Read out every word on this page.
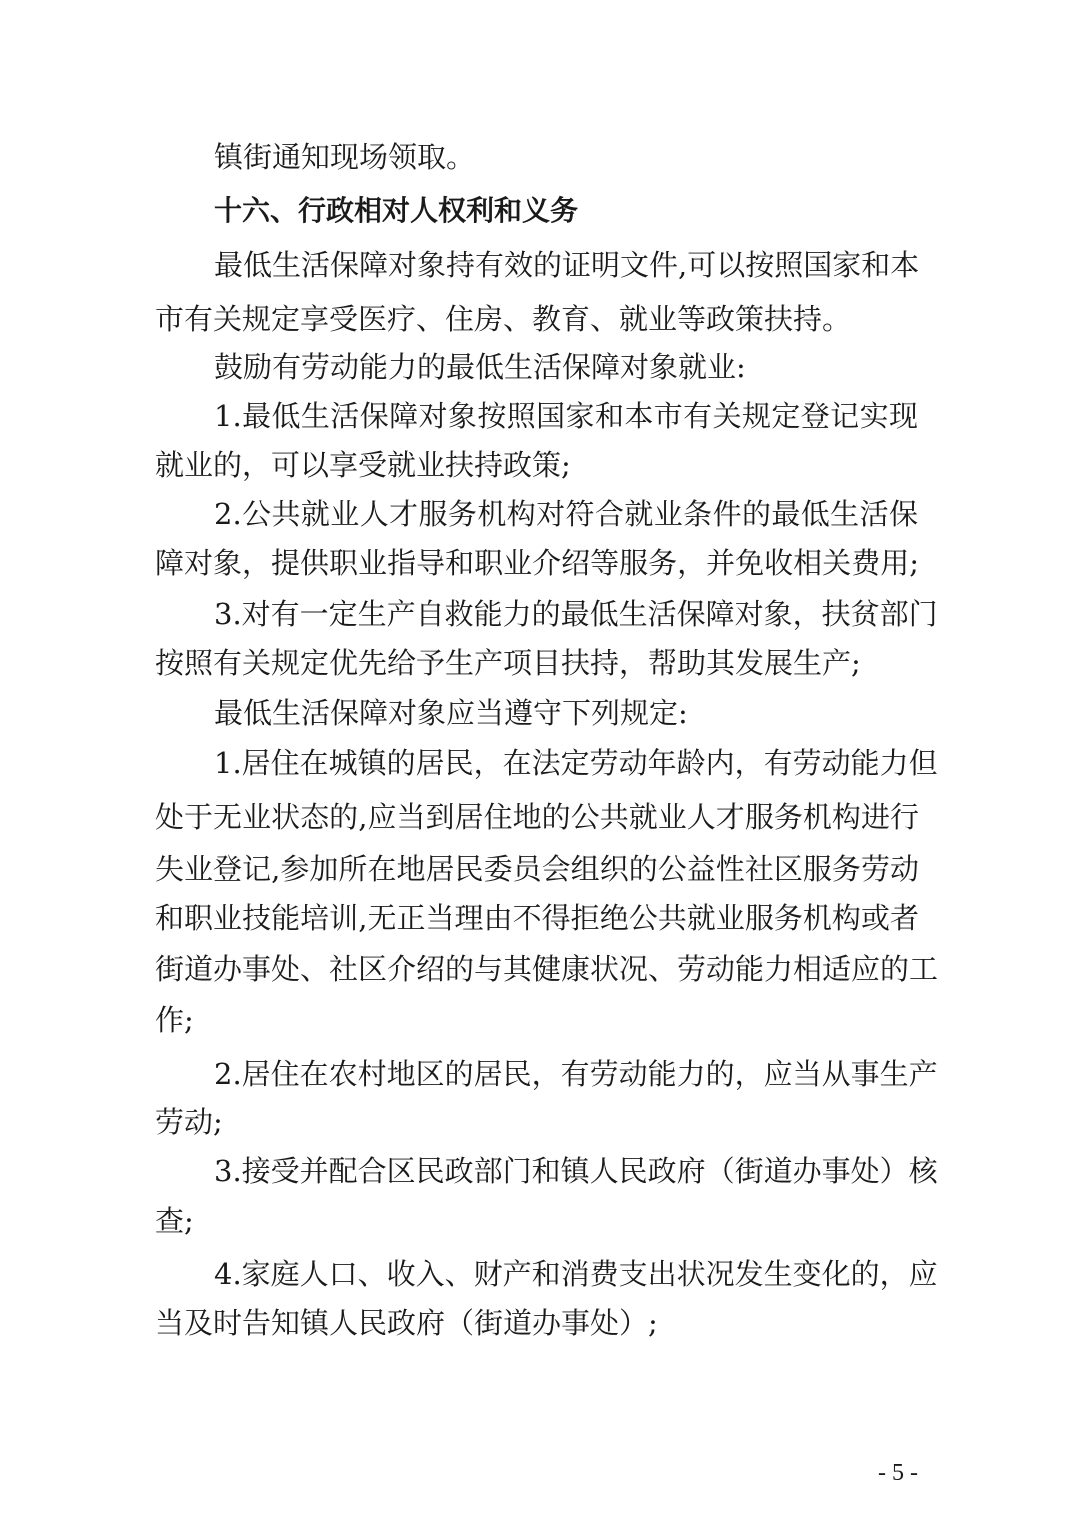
镇街通知现场领取。
十六、行政相对人权利和义务
最低生活保障对象持有效的证明文件,可以按照国家和本
市有关规定享受医疗、住房、教育、就业等政策扶持。
鼓励有劳动能力的最低生活保障对象就业:
1.最低生活保障对象按照国家和本市有关规定登记实现
就业的，可以享受就业扶持政策;
2.公共就业人才服务机构对符合就业条件的最低生活保
障对象，提供职业指导和职业介绍等服务，并免收相关费用;
3.对有一定生产自救能力的最低生活保障对象，扶贫部门
按照有关规定优先给予生产项目扶持，帮助其发展生产;
最低生活保障对象应当遵守下列规定:
1.居住在城镇的居民，在法定劳动年龄内，有劳动能力但
处于无业状态的,应当到居住地的公共就业人才服务机构进行
失业登记,参加所在地居民委员会组织的公益性社区服务劳动
和职业技能培训,无正当理由不得拒绝公共就业服务机构或者
街道办事处、社区介绍的与其健康状况、劳动能力相适应的工
作;
2.居住在农村地区的居民，有劳动能力的，应当从事生产
劳动;
3.接受并配合区民政部门和镇人民政府（街道办事处）核
查;
4.家庭人口、收入、财产和消费支出状况发生变化的，应
当及时告知镇人民政府（街道办事处）;
- 5 -
